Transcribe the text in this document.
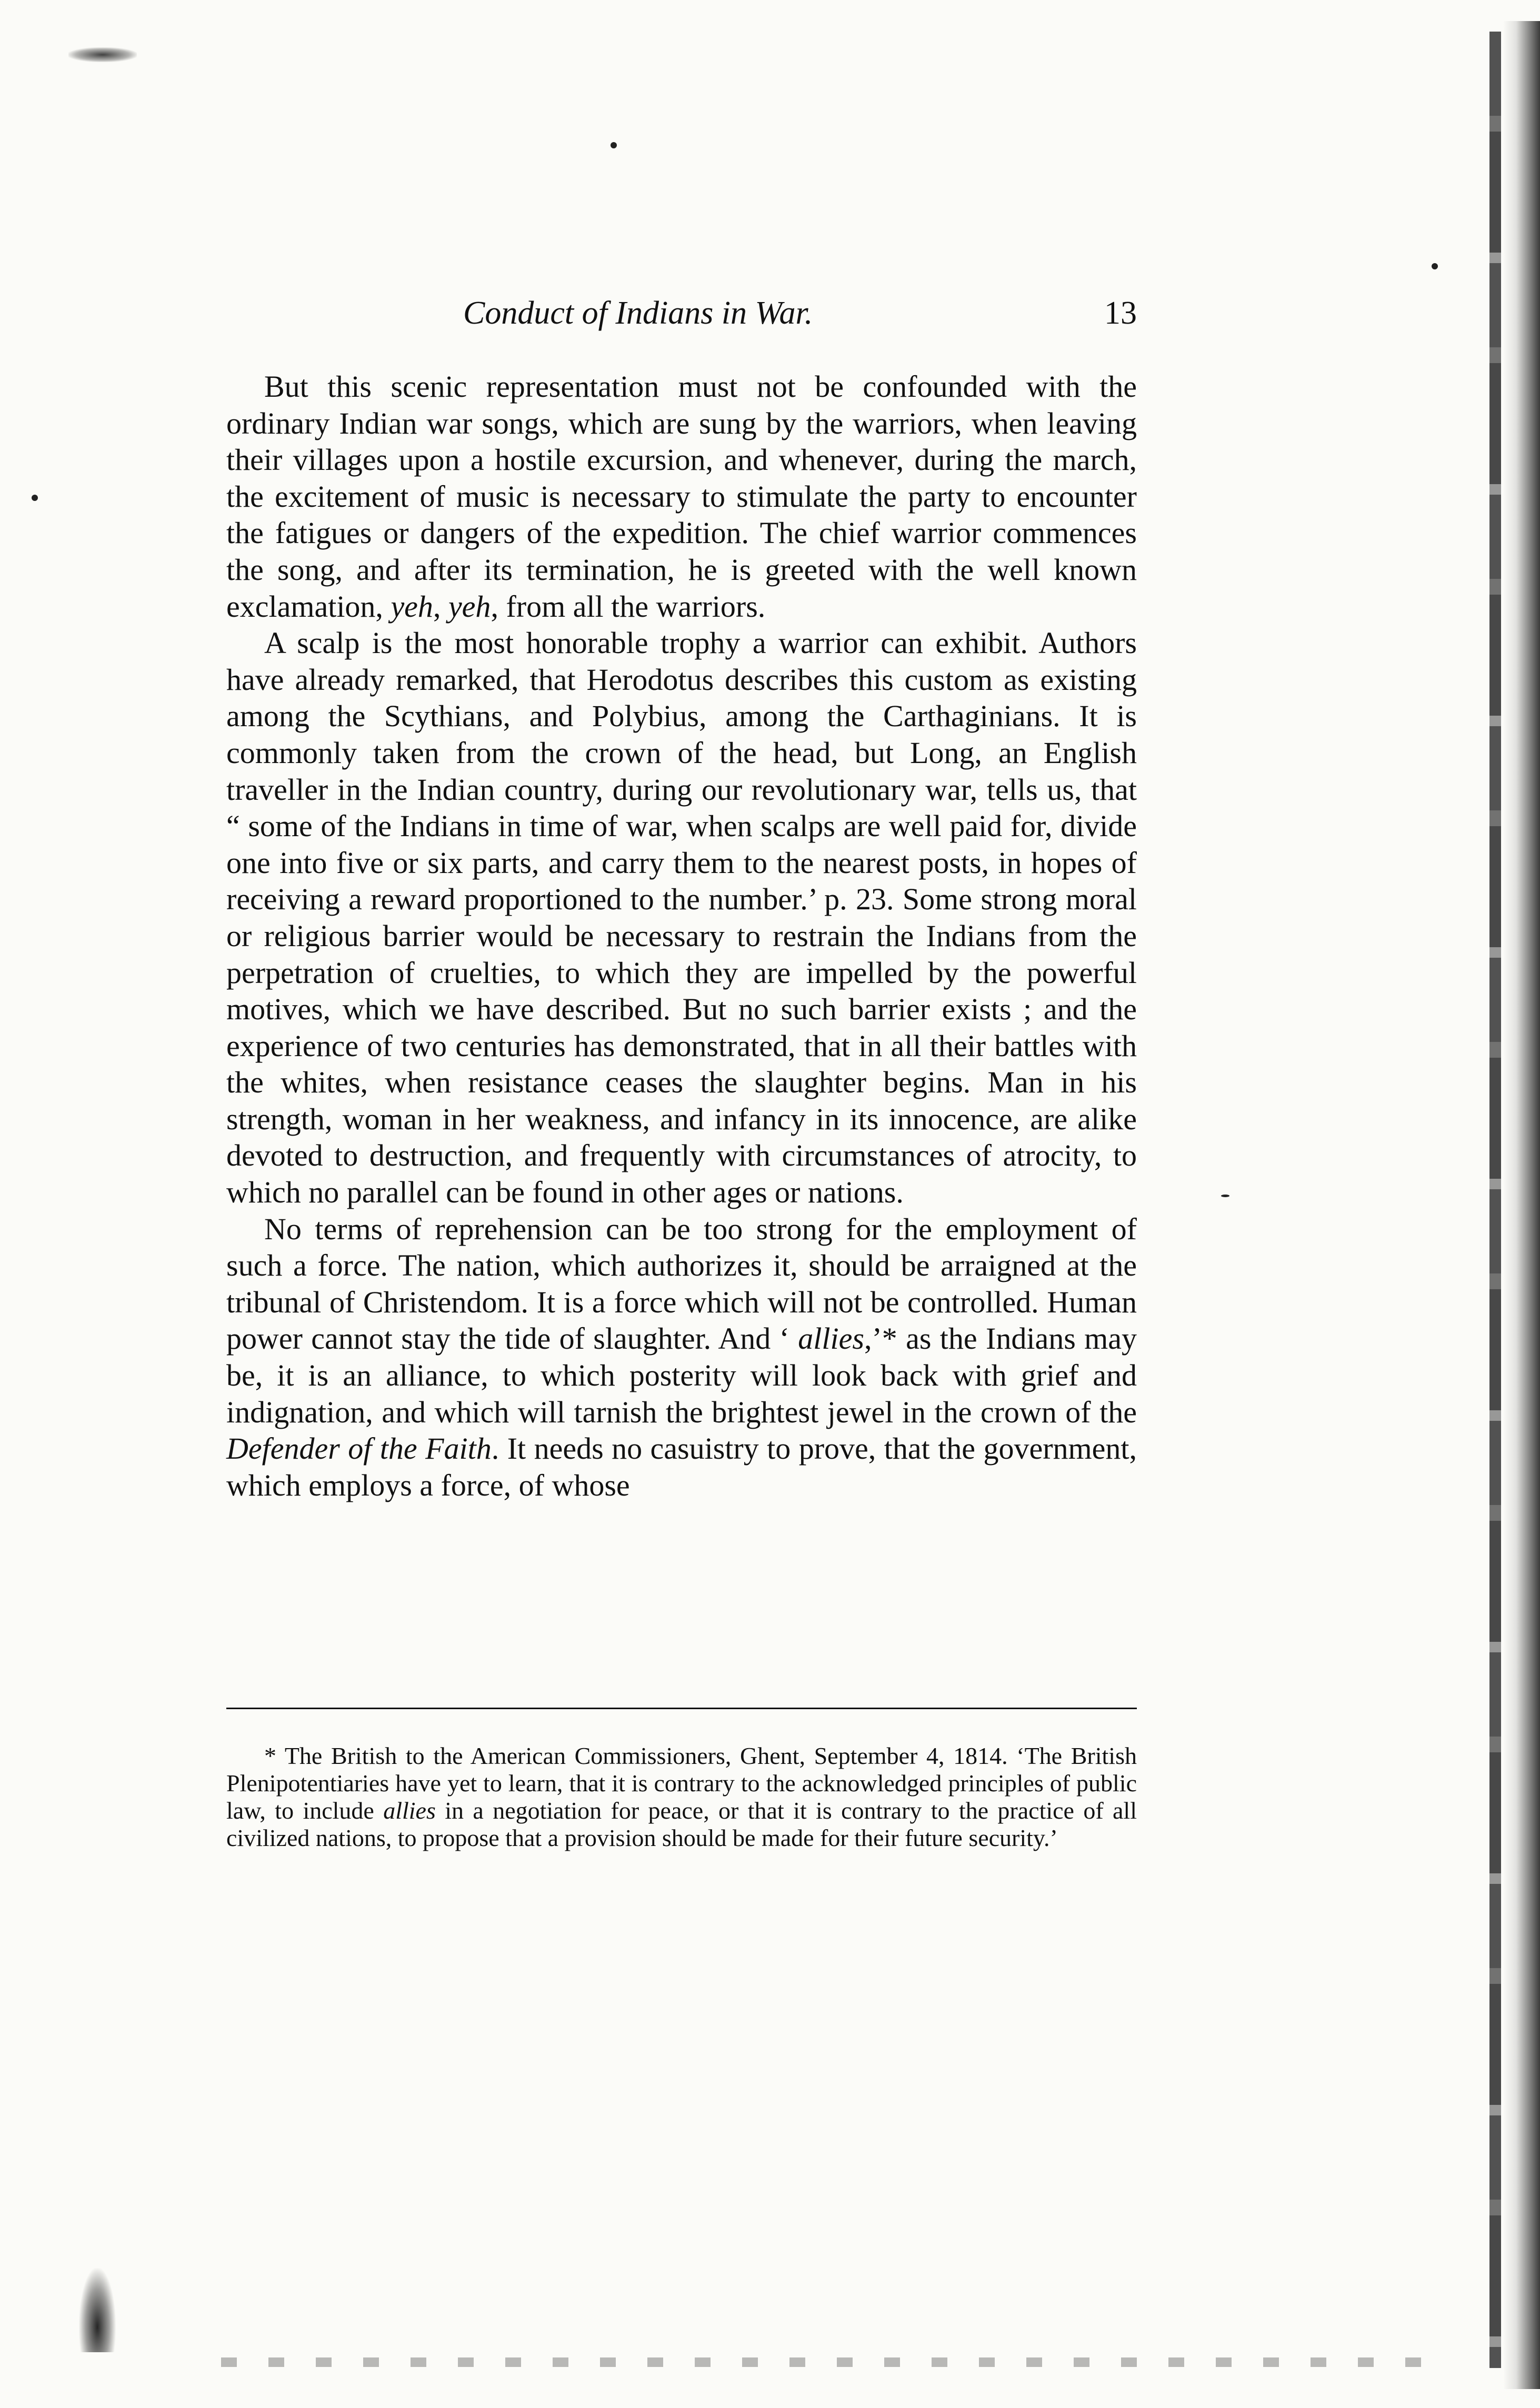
Conduct of Indians in War.	13

But this scenic representation must not be confounded with the ordinary Indian war songs, which are sung by the warriors, when leaving their villages upon a hostile excursion, and whenever, during the march, the excitement of music is necessary to stimulate the party to encounter the fatigues or dangers of the expedition. The chief warrior commences the song, and after its termination, he is greeted with the well known exclamation, yeh, yeh, from all the warriors.

A scalp is the most honorable trophy a warrior can exhibit. Authors have already remarked, that Herodotus describes this custom as existing among the Scythians, and Polybius, among the Carthaginians. It is commonly taken from the crown of the head, but Long, an English traveller in the Indian country, during our revolutionary war, tells us, that “ some of the Indians in time of war, when scalps are well paid for, divide one into five or six parts, and carry them to the nearest posts, in hopes of receiving a reward proportioned to the number.’ p. 23. Some strong moral or religious barrier would be necessary to restrain the Indians from the perpetration of cruelties, to which they are impelled by the powerful motives, which we have described. But no such barrier exists ; and the experience of two centuries has demonstrated, that in all their battles with the whites, when resistance ceases the slaughter begins. Man in his strength, woman in her weakness, and infancy in its innocence, are alike devoted to destruction, and frequently with circumstances of atrocity, to which no parallel can be found in other ages or nations.

No terms of reprehension can be too strong for the employment of such a force. The nation, which authorizes it, should be arraigned at the tribunal of Christendom. It is a force which will not be controlled. Human power cannot stay the tide of slaughter. And ‘ allies,’* as the Indians may be, it is an alliance, to which posterity will look back with grief and indignation, and which will tarnish the brightest jewel in the crown of the Defender of the Faith. It needs no casuistry to prove, that the government, which employs a force, of whose

* The British to the American Commissioners, Ghent, September 4, 1814. ‘The British Plenipotentiaries have yet to learn, that it is contrary to the acknowledged principles of public law, to include allies in a negotiation for peace, or that it is contrary to the practice of all civilized nations, to propose that a provision should be made for their future security.’
